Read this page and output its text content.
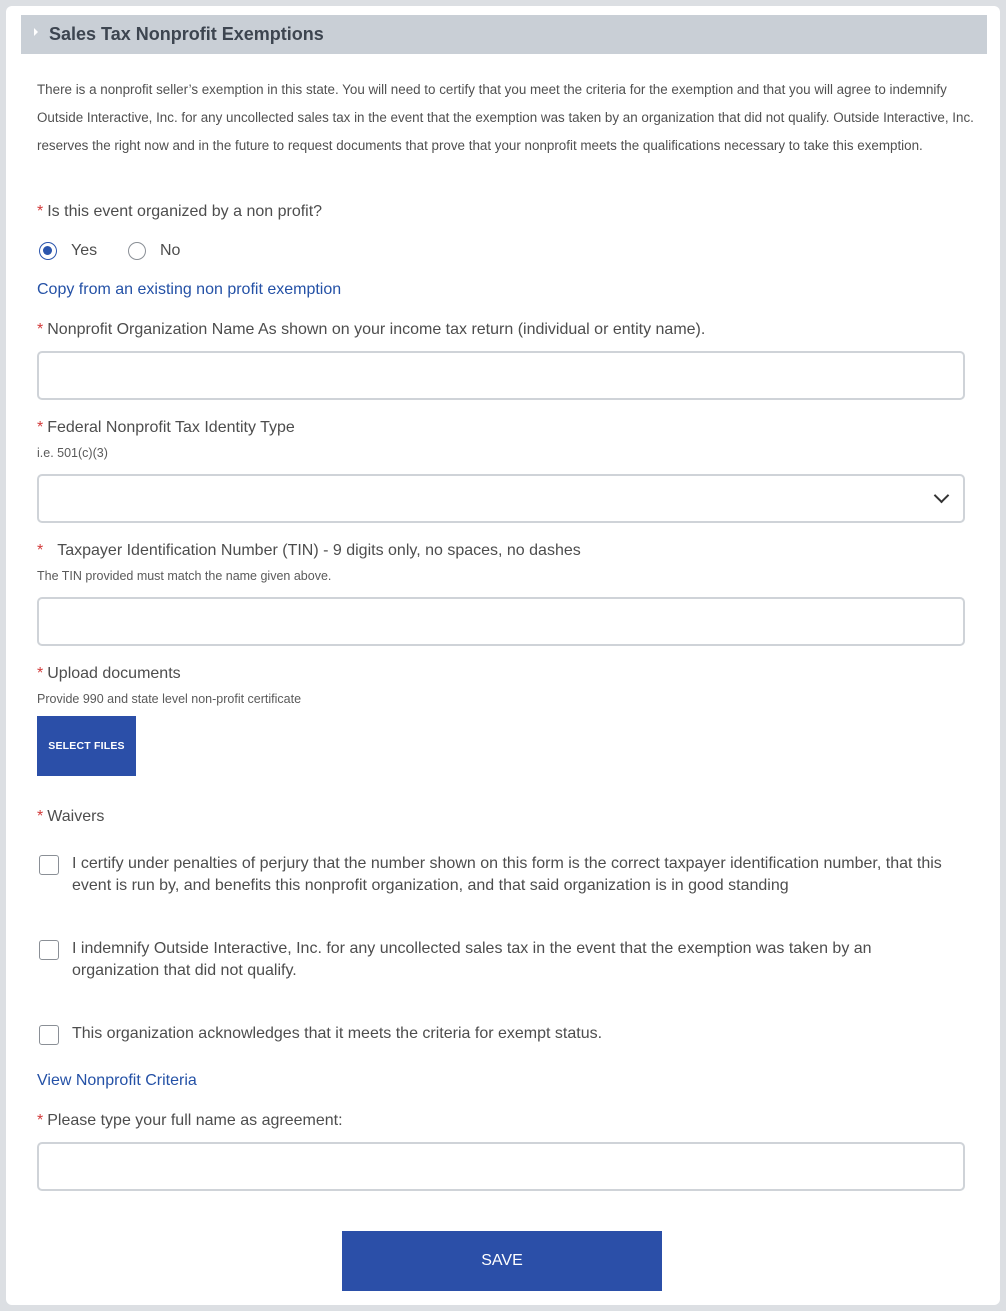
Sales Tax Nonprofit Exemptions
There is a nonprofit seller’s exemption in this state. You will need to certify that you meet the criteria for the exemption and that you will agree to indemnify Outside Interactive, Inc. for any uncollected sales tax in the event that the exemption was taken by an organization that did not qualify. Outside Interactive, Inc. reserves the right now and in the future to request documents that prove that your nonprofit meets the qualifications necessary to take this exemption.
* Is this event organized by a non profit?
Yes	No
Copy from an existing non profit exemption
* Nonprofit Organization Name As shown on your income tax return (individual or entity name).
* Federal Nonprofit Tax Identity Type
i.e. 501(c)(3)
* Taxpayer Identification Number (TIN) - 9 digits only, no spaces, no dashes
The TIN provided must match the name given above.
* Upload documents
Provide 990 and state level non-profit certificate
SELECT FILES
* Waivers
I certify under penalties of perjury that the number shown on this form is the correct taxpayer identification number, that this event is run by, and benefits this nonprofit organization, and that said organization is in good standing
I indemnify Outside Interactive, Inc. for any uncollected sales tax in the event that the exemption was taken by an organization that did not qualify.
This organization acknowledges that it meets the criteria for exempt status.
View Nonprofit Criteria
* Please type your full name as agreement:
SAVE
